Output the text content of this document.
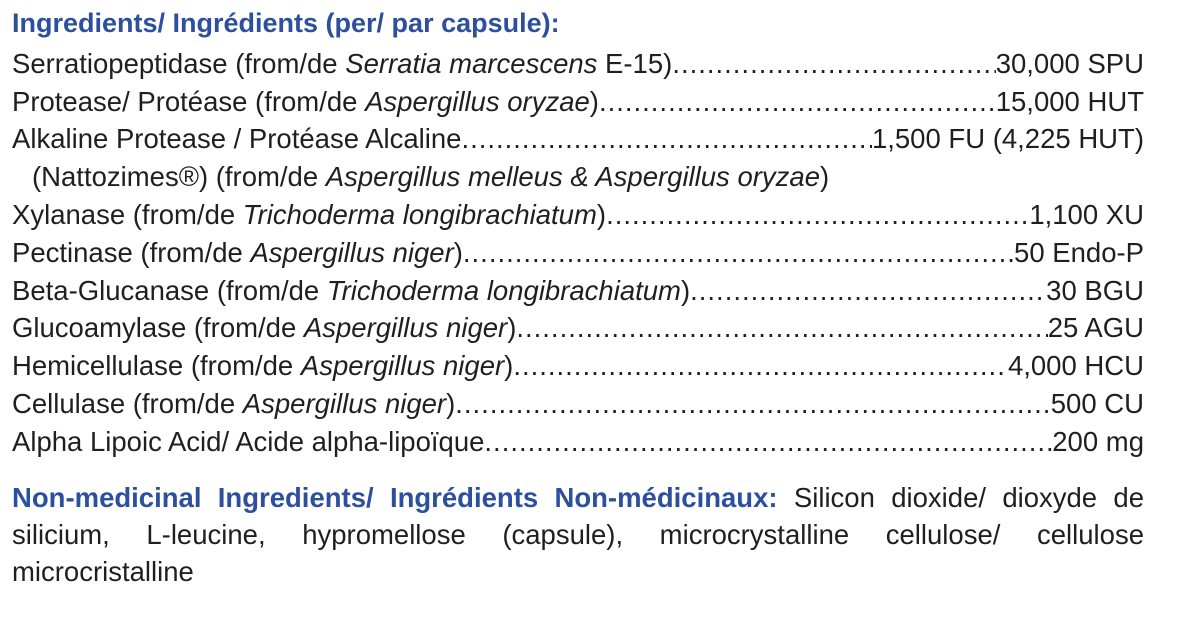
Ingredients/ Ingrédients (per/ par capsule):

Serratiopeptidase (from/de Serratia marcescens E-15) .....	30,000 SPU
Protease/ Protéase (from/de Aspergillus oryzae) .....	15,000 HUT
Alkaline Protease / Protéase Alcaline .....	1,500 FU (4,225 HUT)
(Nattozimes®) (from/de Aspergillus melleus & Aspergillus oryzae)
Xylanase (from/de Trichoderma longibrachiatum) .....	1,100 XU
Pectinase (from/de Aspergillus niger) .....	50 Endo-P
Beta-Glucanase (from/de Trichoderma longibrachiatum) .....	30 BGU
Glucoamylase (from/de Aspergillus niger) .....	25 AGU
Hemicellulase (from/de Aspergillus niger) .....	4,000 HCU
Cellulase (from/de Aspergillus niger) .....	500 CU
Alpha Lipoic Acid/ Acide alpha-lipoïque .....	200 mg

Non-medicinal Ingredients/ Ingrédients Non-médicinaux: Silicon dioxide/ dioxyde de silicium, L-leucine, hypromellose (capsule), microcrystalline cellulose/ cellulose microcristalline
